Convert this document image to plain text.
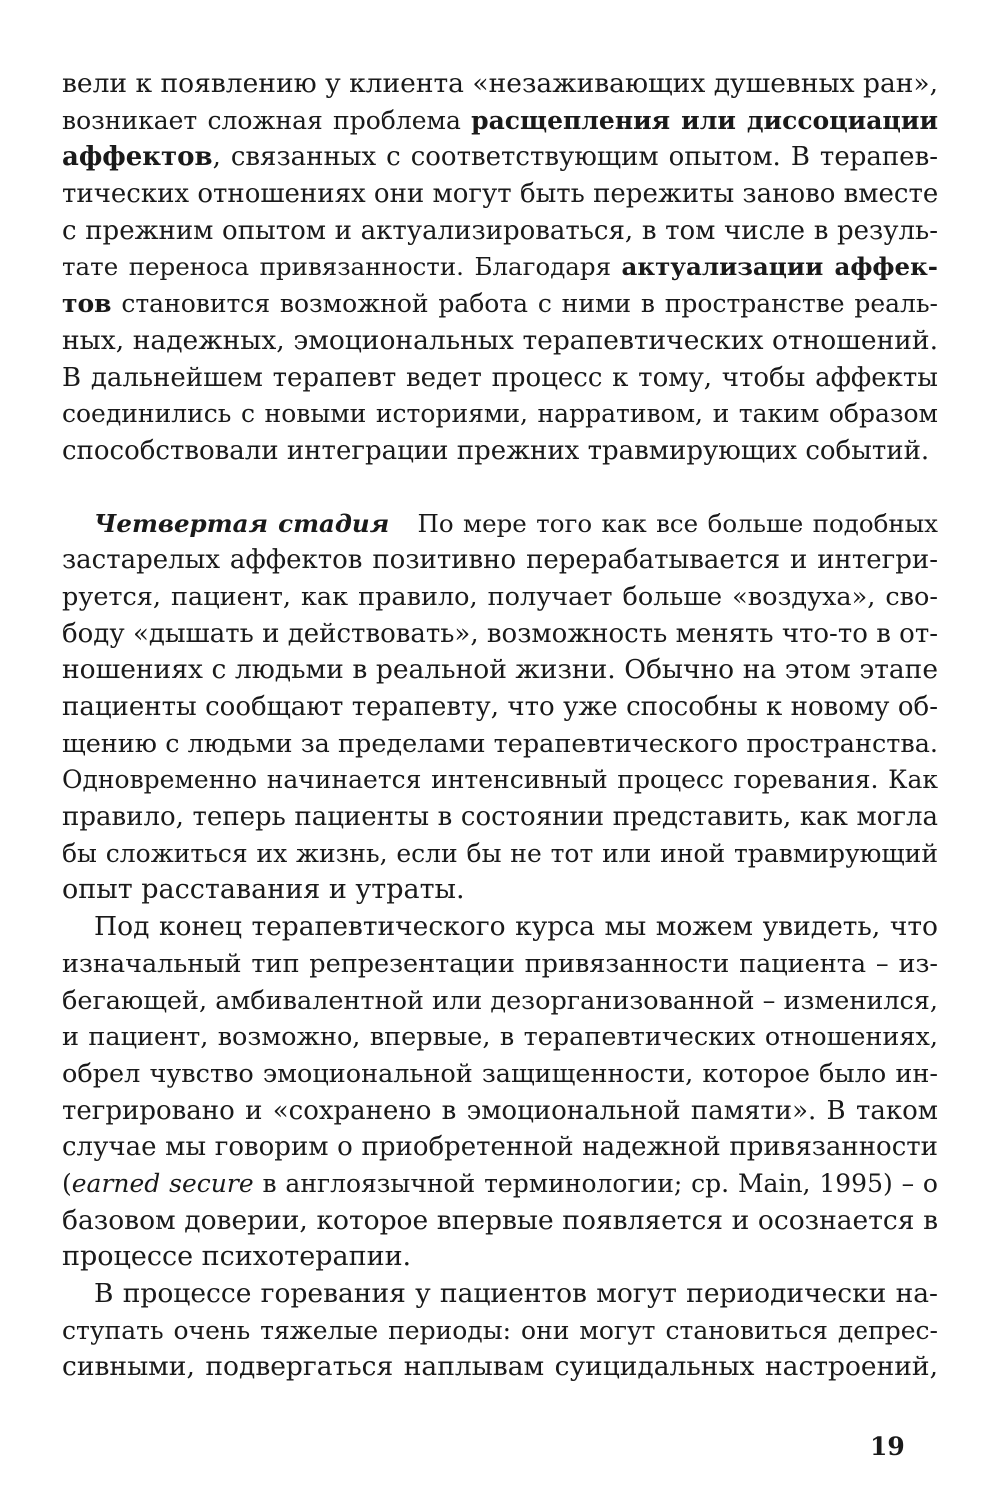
вели к появлению у клиента «незаживающих душевных ран»,
возникает сложная проблема расщепления или диссоциации
аффектов, связанных с соответствующим опытом. В терапев-
тических отношениях они могут быть пережиты заново вместе
с прежним опытом и актуализироваться, в том числе в резуль-
тате переноса привязанности. Благодаря актуализации аффек-
тов становится возможной работа с ними в пространстве реаль-
ных, надежных, эмоциональных терапевтических отношений.
В дальнейшем терапевт ведет процесс к тому, чтобы аффекты
соединились с новыми историями, нарративом, и таким образом
способствовали интеграции прежних травмирующих событий.
Четвертая стадия По мере того как все больше подобных
застарелых аффектов позитивно перерабатывается и интегри-
руется, пациент, как правило, получает больше «воздуха», сво-
боду «дышать и действовать», возможность менять что-то в от-
ношениях с людьми в реальной жизни. Обычно на этом этапе
пациенты сообщают терапевту, что уже способны к новому об-
щению с людьми за пределами терапевтического пространства.
Одновременно начинается интенсивный процесс горевания. Как
правило, теперь пациенты в состоянии представить, как могла
бы сложиться их жизнь, если бы не тот или иной травмирующий
опыт расставания и утраты.
Под конец терапевтического курса мы можем увидеть, что
изначальный тип репрезентации привязанности пациента – из-
бегающей, амбивалентной или дезорганизованной – изменился,
и пациент, возможно, впервые, в терапевтических отношениях,
обрел чувство эмоциональной защищенности, которое было ин-
тегрировано и «сохранено в эмоциональной памяти». В таком
случае мы говорим о приобретенной надежной привязанности
(earned secure в англоязычной терминологии; ср. Main, 1995) – о
базовом доверии, которое впервые появляется и осознается в
процессе психотерапии.
В процессе горевания у пациентов могут периодически на-
ступать очень тяжелые периоды: они могут становиться депрес-
сивными, подвергаться наплывам суицидальных настроений,
19
